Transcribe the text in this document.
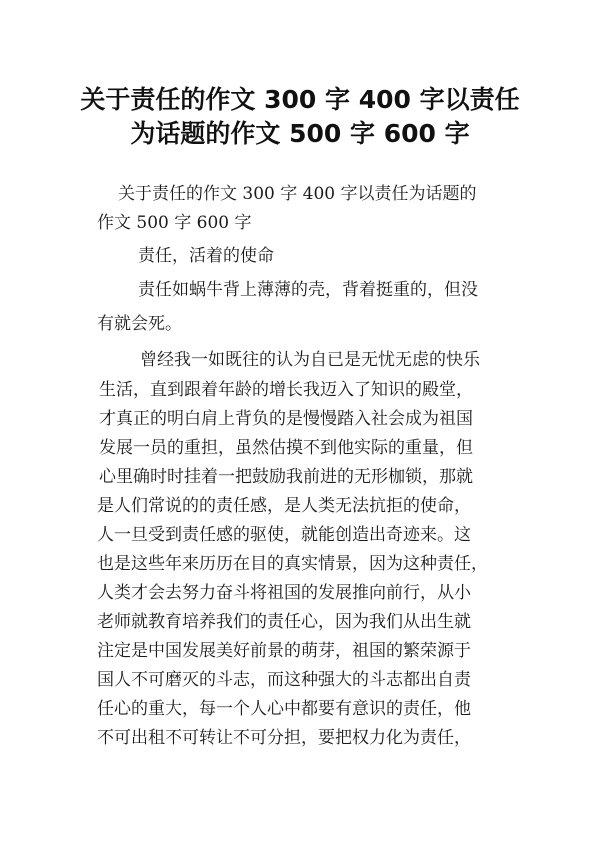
关于责任的作文 300 字 400 字以责任
为话题的作文 500 字 600 字
关于责任的作文 300 字 400 字以责任为话题的
作文 500 字 600 字
责任，活着的使命
责任如蜗牛背上薄薄的壳，背着挺重的，但没
有就会死。
曾经我一如既往的认为自已是无忧无虑的快乐
生活，直到跟着年龄的增长我迈入了知识的殿堂，
才真正的明白肩上背负的是慢慢踏入社会成为祖国
发展一员的重担，虽然估摸不到他实际的重量，但
心里确时时挂着一把鼓励我前进的无形枷锁，那就
是人们常说的的责任感，是人类无法抗拒的使命，
人一旦受到责任感的驱使，就能创造出奇迹来。这
也是这些年来历历在目的真实情景，因为这种责任，
人类才会去努力奋斗将祖国的发展推向前行，从小
老师就教育培养我们的责任心，因为我们从出生就
注定是中国发展美好前景的萌芽，祖国的繁荣源于
国人不可磨灭的斗志，而这种强大的斗志都出自责
任心的重大，每一个人心中都要有意识的责任，他
不可出租不可转让不可分担，要把权力化为责任，
